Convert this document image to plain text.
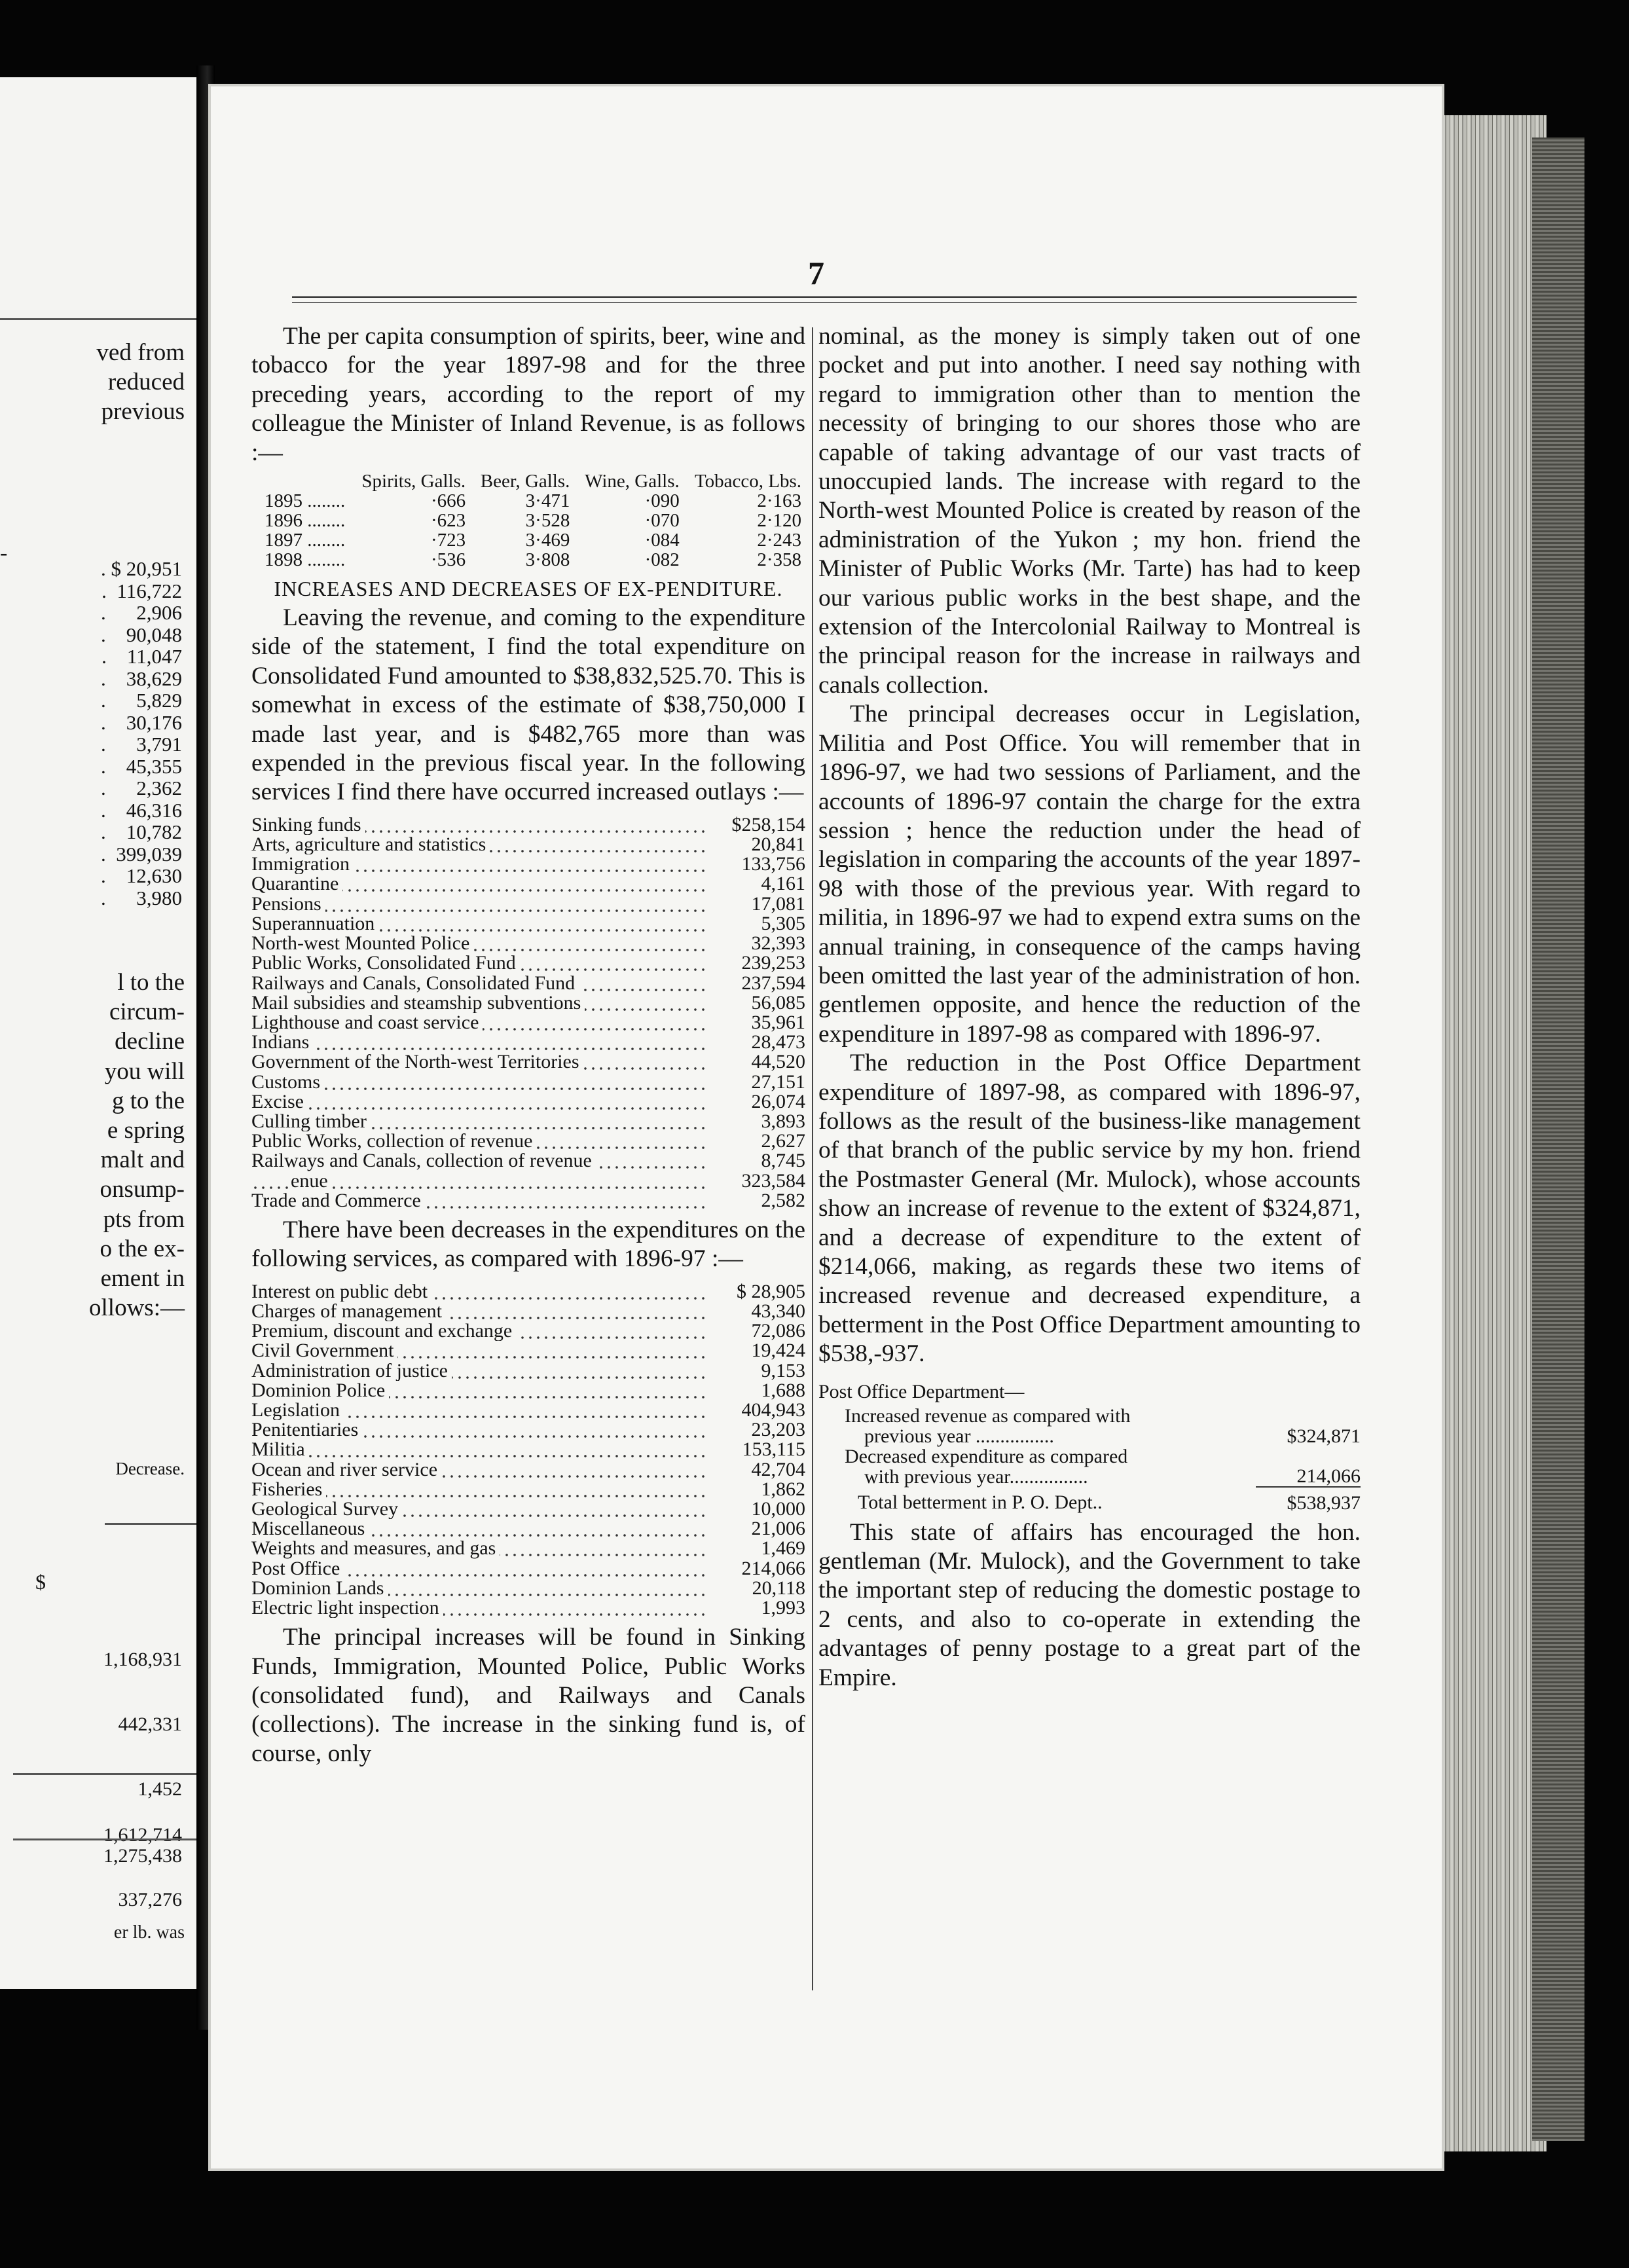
ved from
reduced
previous
-
. $ 20,951
.  116,722
.      2,906
.    90,048
.    11,047
.    38,629
.      5,829
.    30,176
.      3,791
.    45,355
.      2,362
.    46,316
.    10,782
.  399,039
.    12,630
.      3,980
l to the
circum-
decline
you will
g to the
e spring
malt and
onsump-
pts from
o the ex-
ement in
ollows:—
Decrease.
$

1,168,931

442,331

1,452

1,612,714

337,276

1,275,438
er lb. was
7

The per capita consumption of spirits, beer, wine and tobacco for the year 1897-98 and for the three preceding years, according to the report of my colleague the Minister of Inland Revenue, is as follows :—

	Spirits, Galls.	Beer, Galls.	Wine, Galls.	Tobacco, Lbs.
1895 ........	·666	3·471	·090	2·163
1896 ........	·623	3·528	·070	2·120
1897 ........	·723	3·469	·084	2·243
1898 ........	·536	3·808	·082	2·358
INCREASES AND DECREASES OF EX-PENDITURE.

Leaving the revenue, and coming to the expenditure side of the statement, I find the total expenditure on Consolidated Fund amounted to $38,832,525.70. This is somewhat in excess of the estimate of $38,750,000 I made last year, and is $482,765 more than was expended in the previous fiscal year. In the following services I find there have occurred increased outlays :—

Sinking funds	$258,154
Arts, agriculture and statistics	20,841
Immigration	133,756
Quarantine	4,161
Pensions	17,081
Superannuation	5,305
North-west Mounted Police	32,393
Public Works, Consolidated Fund	239,253
Railways and Canals, Consolidated Fund	237,594
Mail subsidies and steamship subventions	56,085
Lighthouse and coast service	35,961
Indians	28,473
Government of the North-west Territories	44,520
Customs	27,151
Excise	26,074
Culling timber	3,893
Public Works, collection of revenue	2,627
Railways and Canals, collection of revenue	8,745
enue	323,584
Trade and Commerce	2,582

There have been decreases in the expenditures on the following services, as compared with 1896-97 :—

Interest on public debt	$ 28,905
Charges of management	43,340
Premium, discount and exchange	72,086
Civil Government	19,424
Administration of justice	9,153
Dominion Police	1,688
Legislation	404,943
Penitentiaries	23,203
Militia	153,115
Ocean and river service	42,704
Fisheries	1,862
Geological Survey	10,000
Miscellaneous	21,006
Weights and measures, and gas	1,469
Post Office	214,066
Dominion Lands	20,118
Electric light inspection	1,993

The principal increases will be found in Sinking Funds, Immigration, Mounted Police, Public Works (consolidated fund), and Railways and Canals (collections). The increase in the sinking fund is, of course, only

nominal, as the money is simply taken out of one pocket and put into another. I need say nothing with regard to immigration other than to mention the necessity of bringing to our shores those who are capable of taking advantage of our vast tracts of unoccupied lands. The increase with regard to the North-west Mounted Police is created by reason of the administration of the Yukon ; my hon. friend the Minister of Public Works (Mr. Tarte) has had to keep our various public works in the best shape, and the extension of the Intercolonial Railway to Montreal is the principal reason for the increase in railways and canals collection.

The principal decreases occur in Legislation, Militia and Post Office. You will remember that in 1896-97, we had two sessions of Parliament, and the accounts of 1896-97 contain the charge for the extra session ; hence the reduction under the head of legislation in comparing the accounts of the year 1897-98 with those of the previous year. With regard to militia, in 1896-97 we had to expend extra sums on the annual training, in consequence of the camps having been omitted the last year of the administration of hon. gentlemen opposite, and hence the reduction of the expenditure in 1897-98 as compared with 1896-97.

The reduction in the Post Office Department expenditure of 1897-98, as compared with 1896-97, follows as the result of the business-like management of that branch of the public service by my hon. friend the Postmaster General (Mr. Mulock), whose accounts show an increase of revenue to the extent of $324,871, and a decrease of expenditure to the extent of $214,066, making, as regards these two items of increased revenue and decreased expenditure, a betterment in the Post Office Department amounting to $538,-937.

Post Office Department—
Increased revenue as compared with
previous year ................	$324,871

Decreased expenditure as compared
with previous year................	214,066
Total betterment in P. O. Dept..	$538,937

This state of affairs has encouraged the hon. gentleman (Mr. Mulock), and the Government to take the important step of reducing the domestic postage to 2 cents, and also to co-operate in extending the advantages of penny postage to a great part of the Empire.
